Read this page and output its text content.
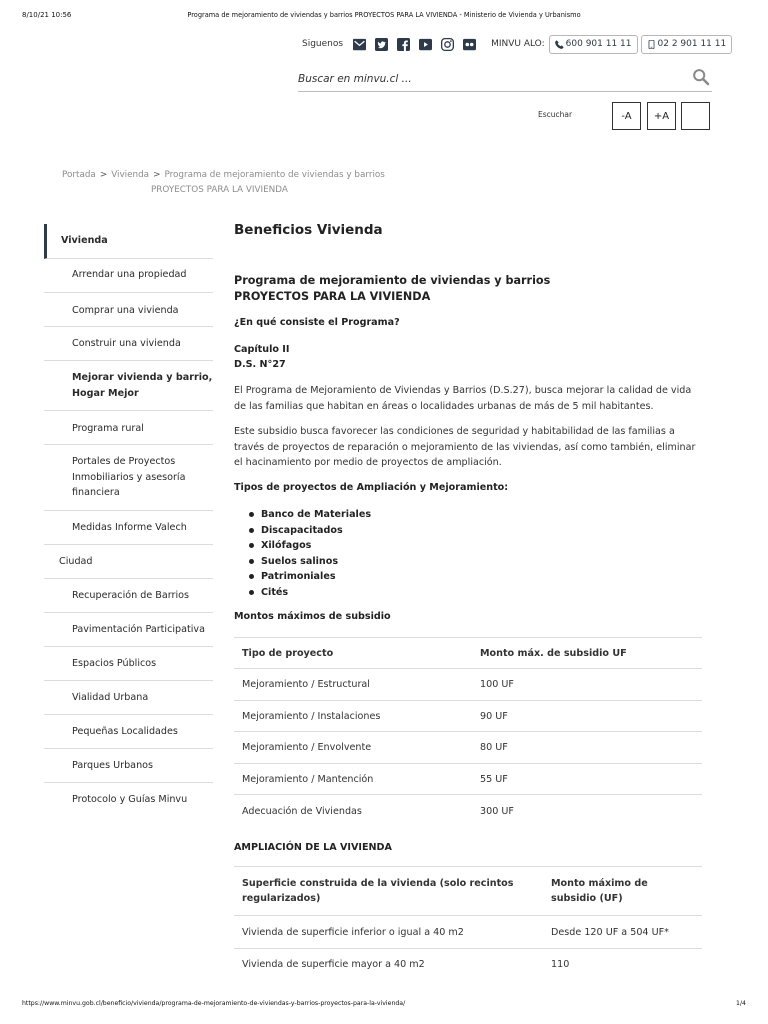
8/10/21 10:56	Programa de mejoramiento de viviendas y barrios PROYECTOS PARA LA VIVIENDA - Ministerio de Vivienda y Urbanismo
Siguenos	MINVU ALO: 600 901 11 11	02 2 901 11 11
Buscar en minvu.cl ...
Escuchar	-A	+A
Portada > Vivienda > Programa de mejoramiento de viviendas y barrios
PROYECTOS PARA LA VIVIENDA
Vivienda
Arrendar una propiedad
Comprar una vivienda
Construir una vivienda
Mejorar vivienda y barrio, Hogar Mejor
Programa rural
Portales de Proyectos Inmobiliarios y asesoría financiera
Medidas Informe Valech
Ciudad
Recuperación de Barrios
Pavimentación Participativa
Espacios Públicos
Vialidad Urbana
Pequeñas Localidades
Parques Urbanos
Protocolo y Guías Minvu
Beneficios Vivienda
Programa de mejoramiento de viviendas y barrios
PROYECTOS PARA LA VIVIENDA

¿En qué consiste el Programa?

Capítulo II
D.S. N°27

El Programa de Mejoramiento de Viviendas y Barrios (D.S.27), busca mejorar la calidad de vida de las familias que habitan en áreas o localidades urbanas de más de 5 mil habitantes.

Este subsidio busca favorecer las condiciones de seguridad y habitabilidad de las familias a través de proyectos de reparación o mejoramiento de las viviendas, así como también, eliminar el hacinamiento por medio de proyectos de ampliación.

Tipos de proyectos de Ampliación y Mejoramiento:

Banco de Materiales
Discapacitados
Xilófagos
Suelos salinos
Patrimoniales
Cités

Montos máximos de subsidio

Tipo de proyecto	Monto máx. de subsidio UF
Mejoramiento / Estructural	100 UF
Mejoramiento / Instalaciones	90 UF
Mejoramiento / Envolvente	80 UF
Mejoramiento / Mantención	55 UF
Adecuación de Viviendas	300 UF

AMPLIACIÓN DE LA VIVIENDA

Superficie construida de la vivienda (solo recintos regularizados)	Monto máximo de subsidio (UF)
Vivienda de superficie inferior o igual a 40 m2	Desde 120 UF a 504 UF*
Vivienda de superficie mayor a 40 m2	110
https://www.minvu.gob.cl/beneficio/vivienda/programa-de-mejoramiento-de-viviendas-y-barrios-proyectos-para-la-vivienda/	1/4
